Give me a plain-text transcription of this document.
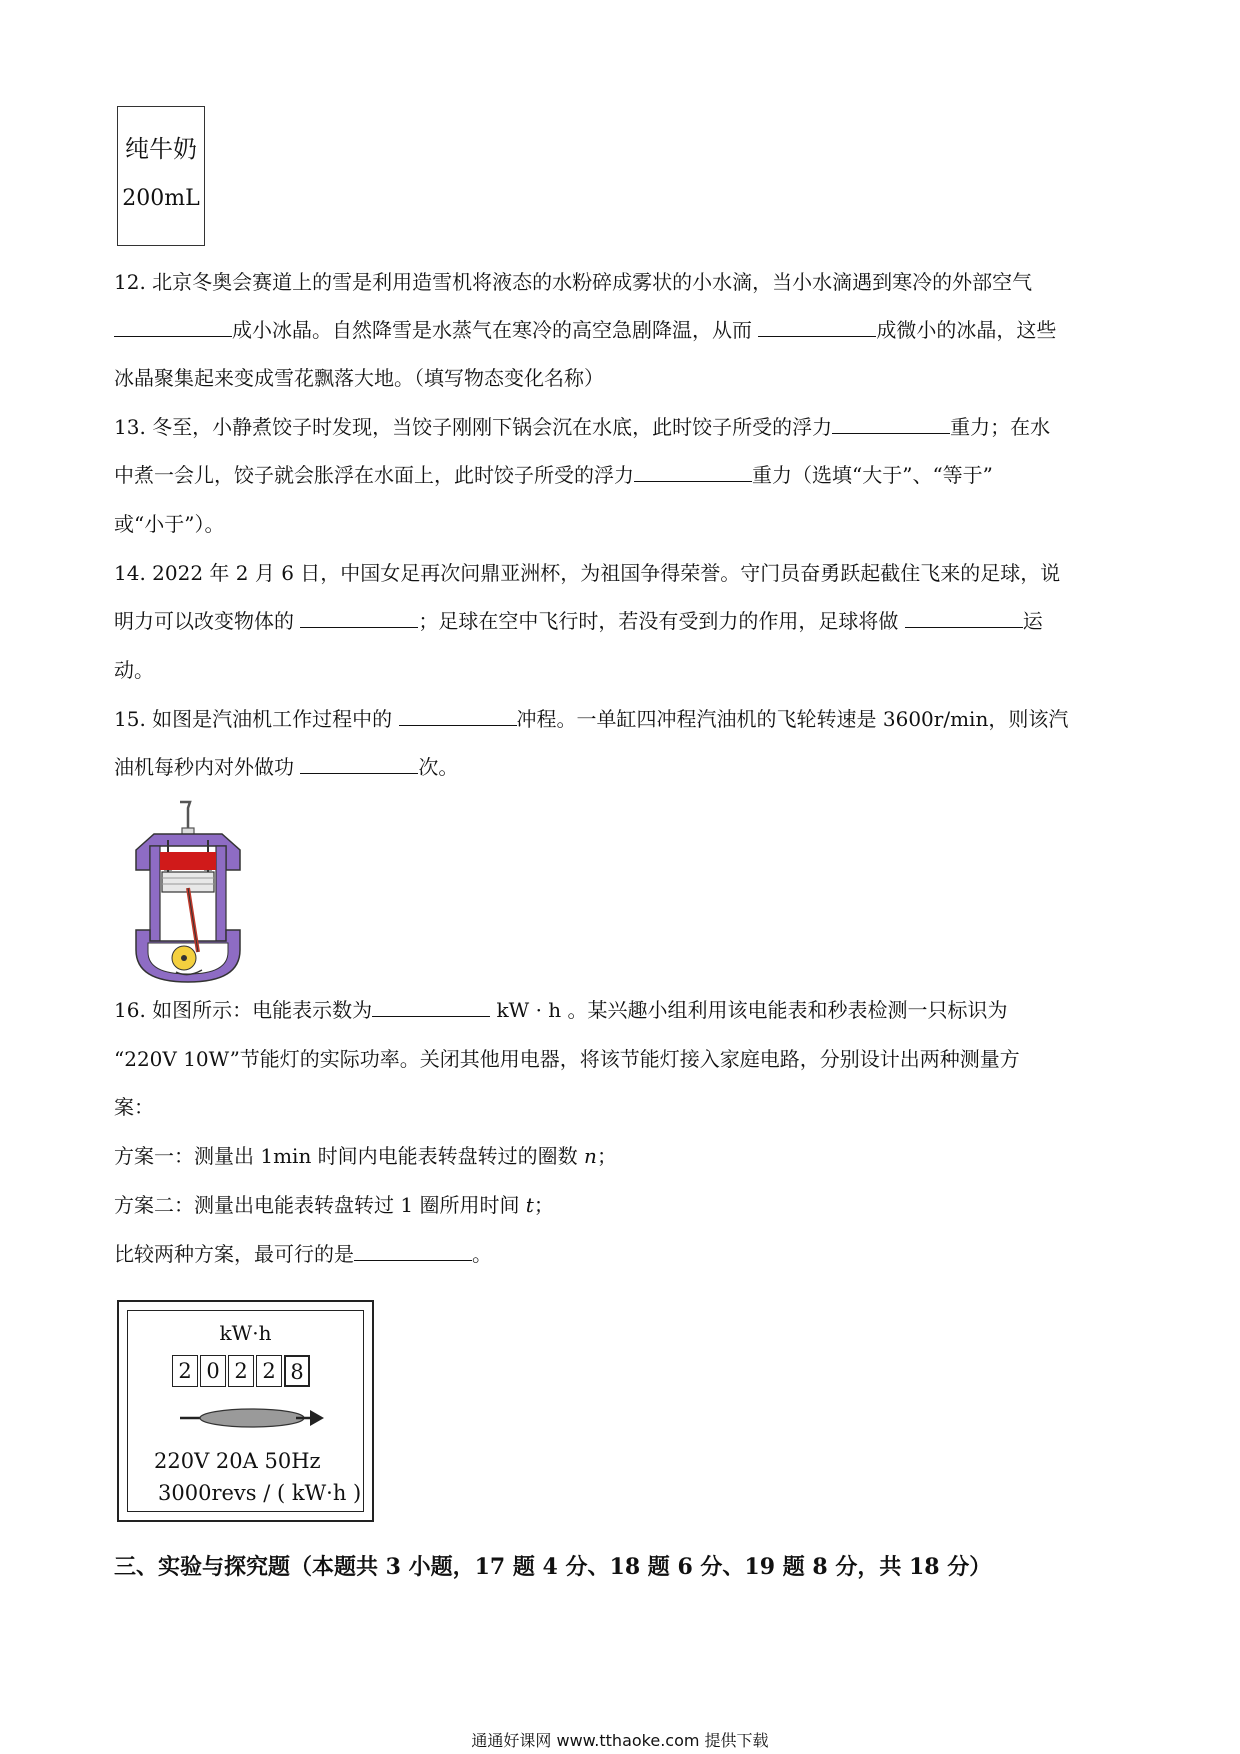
纯牛奶
200mL
12. 北京冬奥会赛道上的雪是利用造雪机将液态的水粉碎成雾状的小水滴，当小水滴遇到寒冷的外部空气
成小冰晶。自然降雪是水蒸气在寒冷的高空急剧降温，从而	成微小的冰晶，这些
冰晶聚集起来变成雪花飘落大地。（填写物态变化名称）
13. 冬至，小静煮饺子时发现，当饺子刚刚下锅会沉在水底，此时饺子所受的浮力	重力；在水
中煮一会儿，饺子就会胀浮在水面上，此时饺子所受的浮力	重力（选填“大于”、“等于”
或“小于”）。
14. 2022 年 2 月 6 日，中国女足再次问鼎亚洲杯，为祖国争得荣誉。守门员奋勇跃起截住飞来的足球，说
明力可以改变物体的	；足球在空中飞行时，若没有受到力的作用，足球将做	运
动。
15. 如图是汽油机工作过程中的	冲程。一单缸四冲程汽油机的飞轮转速是 3600r/min，则该汽
油机每秒内对外做功	次。
16. 如图所示：电能表示数为	kW · h 。某兴趣小组利用该电能表和秒表检测一只标识为
“220V 10W”节能灯的实际功率。关闭其他用电器，将该节能灯接入家庭电路，分别设计出两种测量方
案：
方案一：测量出 1min 时间内电能表转盘转过的圈数 n；
方案二：测量出电能表转盘转过 1 圈所用时间 t；
比较两种方案，最可行的是	。
kW·h
2 0 2 2 8
220V 20A 50Hz
3000revs / ( kW·h )
三、实验与探究题（本题共 3 小题，17 题 4 分、18 题 6 分、19 题 8 分，共 18 分）
通通好课网 www.tthaoke.com 提供下载
